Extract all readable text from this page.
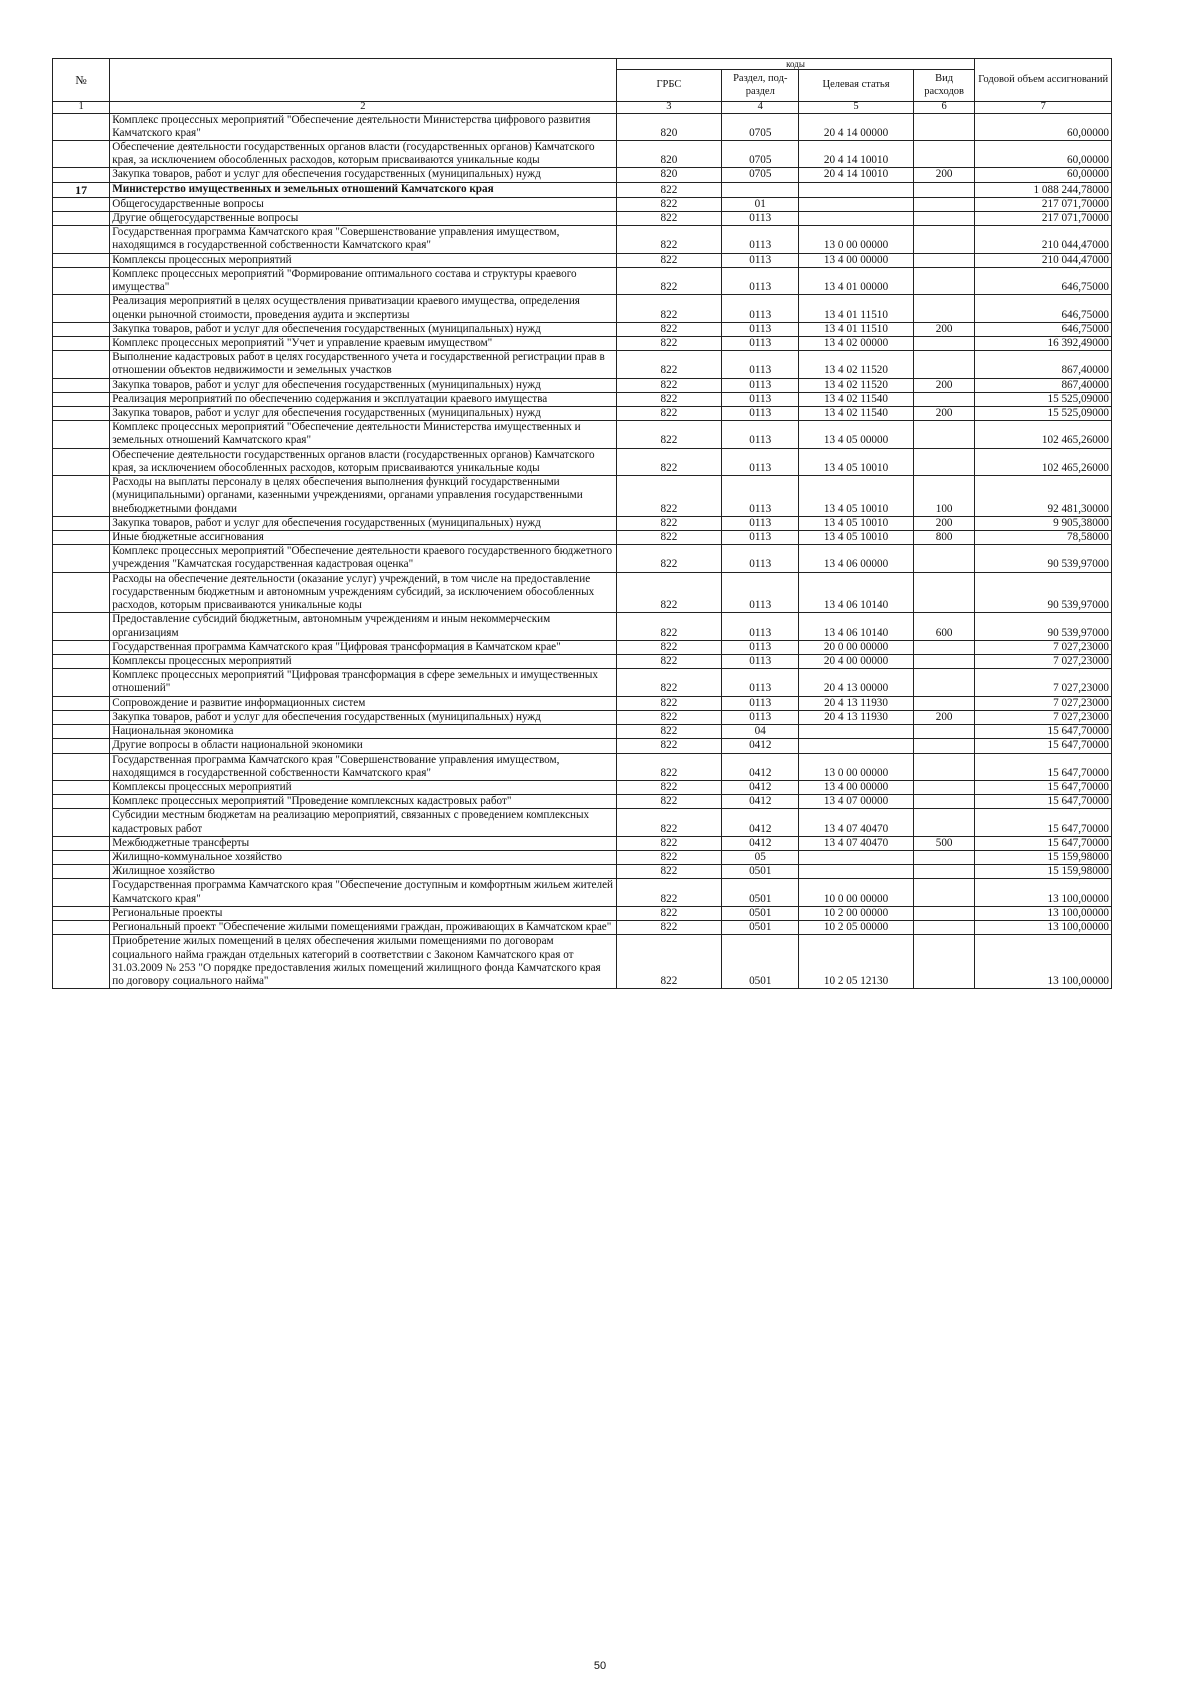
№		коды				Годовой объем ассигнований
		ГРБС	Раздел, под-раздел	Целевая статья	Вид расходов	
1	2	3	4	5	6	7
	Комплекс процессных мероприятий "Обеспечение деятельности Министерства цифрового развития Камчатского края"	820	0705	20 4 14 00000		60,00000
	Обеспечение деятельности государственных органов власти (государственных органов) Камчатского края, за исключением обособленных расходов, которым присваиваются уникальные коды	820	0705	20 4 14 10010		60,00000
	Закупка товаров, работ и услуг для обеспечения государственных (муниципальных) нужд	820	0705	20 4 14 10010	200	60,00000
17	Министерство имущественных и земельных отношений Камчатского края	822				1 088 244,78000
	Общегосударственные вопросы	822	01			217 071,70000
	Другие общегосударственные вопросы	822	0113			217 071,70000
	Государственная программа Камчатского края "Совершенствование управления имуществом, находящимся в государственной собственности Камчатского края"	822	0113	13 0 00 00000		210 044,47000
	Комплексы процессных мероприятий	822	0113	13 4 00 00000		210 044,47000
	Комплекс процессных мероприятий "Формирование оптимального состава и структуры краевого имущества"	822	0113	13 4 01 00000		646,75000
	Реализация мероприятий в целях осуществления приватизации краевого имущества, определения оценки рыночной стоимости, проведения аудита и экспертизы	822	0113	13 4 01 11510		646,75000
	Закупка товаров, работ и услуг для обеспечения государственных (муниципальных) нужд	822	0113	13 4 01 11510	200	646,75000
	Комплекс процессных мероприятий "Учет и управление краевым имуществом"	822	0113	13 4 02 00000		16 392,49000
	Выполнение кадастровых работ в целях государственного учета и государственной регистрации прав в отношении объектов недвижимости и земельных участков	822	0113	13 4 02 11520		867,40000
	Закупка товаров, работ и услуг для обеспечения государственных (муниципальных) нужд	822	0113	13 4 02 11520	200	867,40000
	Реализация мероприятий по обеспечению содержания и эксплуатации краевого имущества	822	0113	13 4 02 11540		15 525,09000
	Закупка товаров, работ и услуг для обеспечения государственных (муниципальных) нужд	822	0113	13 4 02 11540	200	15 525,09000
	Комплекс процессных мероприятий "Обеспечение деятельности Министерства имущественных и земельных отношений Камчатского края"	822	0113	13 4 05 00000		102 465,26000
	Обеспечение деятельности государственных органов власти (государственных органов) Камчатского края, за исключением обособленных расходов, которым присваиваются уникальные коды	822	0113	13 4 05 10010		102 465,26000
	Расходы на выплаты персоналу в целях обеспечения выполнения функций государственными (муниципальными) органами, казенными учреждениями, органами управления государственными внебюджетными фондами	822	0113	13 4 05 10010	100	92 481,30000
	Закупка товаров, работ и услуг для обеспечения государственных (муниципальных) нужд	822	0113	13 4 05 10010	200	9 905,38000
	Иные бюджетные ассигнования	822	0113	13 4 05 10010	800	78,58000
	Комплекс процессных мероприятий "Обеспечение деятельности краевого государственного бюджетного учреждения "Камчатская государственная кадастровая оценка"	822	0113	13 4 06 00000		90 539,97000
	Расходы на обеспечение деятельности (оказание услуг) учреждений, в том числе на предоставление государственным бюджетным и автономным учреждениям субсидий, за исключением обособленных расходов, которым присваиваются уникальные коды	822	0113	13 4 06 10140		90 539,97000
	Предоставление субсидий бюджетным, автономным учреждениям и иным некоммерческим организациям	822	0113	13 4 06 10140	600	90 539,97000
	Государственная программа Камчатского края "Цифровая трансформация в Камчатском крае"	822	0113	20 0 00 00000		7 027,23000
	Комплексы процессных мероприятий	822	0113	20 4 00 00000		7 027,23000
	Комплекс процессных мероприятий "Цифровая трансформация в сфере земельных и имущественных отношений"	822	0113	20 4 13 00000		7 027,23000
	Сопровождение и развитие информационных систем	822	0113	20 4 13 11930		7 027,23000
	Закупка товаров, работ и услуг для обеспечения государственных (муниципальных) нужд	822	0113	20 4 13 11930	200	7 027,23000
	Национальная экономика	822	04			15 647,70000
	Другие вопросы в области национальной экономики	822	0412			15 647,70000
	Государственная программа Камчатского края "Совершенствование управления имуществом, находящимся в государственной собственности Камчатского края"	822	0412	13 0 00 00000		15 647,70000
	Комплексы процессных мероприятий	822	0412	13 4 00 00000		15 647,70000
	Комплекс процессных мероприятий "Проведение комплексных кадастровых работ"	822	0412	13 4 07 00000		15 647,70000
	Субсидии местным бюджетам на реализацию мероприятий, связанных с проведением комплексных кадастровых работ	822	0412	13 4 07 40470		15 647,70000
	Межбюджетные трансферты	822	0412	13 4 07 40470	500	15 647,70000
	Жилищно-коммунальное хозяйство	822	05			15 159,98000
	Жилищное хозяйство	822	0501			15 159,98000
	Государственная программа Камчатского края "Обеспечение доступным и комфортным жильем жителей Камчатского края"	822	0501	10 0 00 00000		13 100,00000
	Региональные проекты	822	0501	10 2 00 00000		13 100,00000
	Региональный проект "Обеспечение жилыми помещениями граждан, проживающих в Камчатском крае"	822	0501	10 2 05 00000		13 100,00000
	Приобретение жилых помещений в целях обеспечения жилыми помещениями по договорам социального найма граждан отдельных категорий в соответствии с Законом Камчатского края от 31.03.2009 № 253 "О порядке предоставления жилых помещений жилищного фонда Камчатского края по договору социального найма"	822	0501	10 2 05 12130		13 100,00000
50
